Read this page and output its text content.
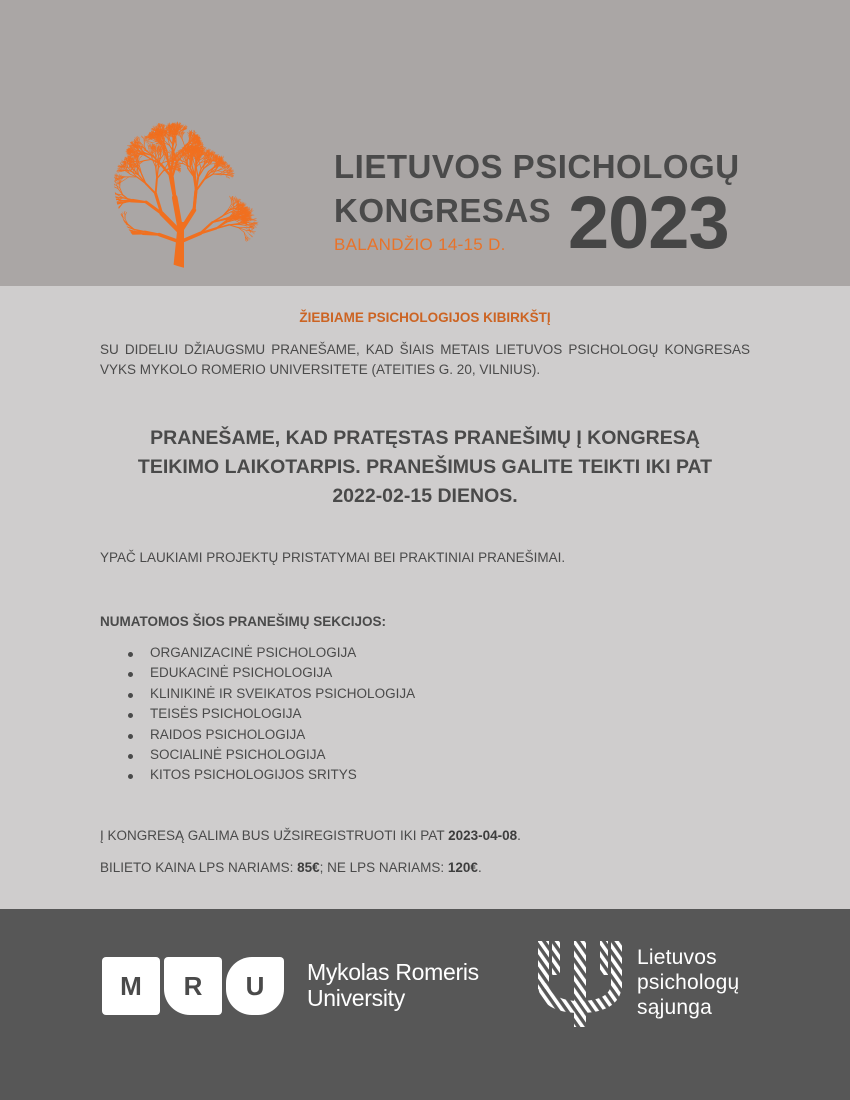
LIETUVOS PSICHOLOGŲ
KONGRESAS
BALANDŽIO 14-15 D. 2023
ŽIEBIAME PSICHOLOGIJOS KIBIRKŠTĮ
SU DIDELIU DŽIAUGSMU PRANEŠAME, KAD ŠIAIS METAIS LIETUVOS PSICHOLOGŲ KONGRESAS VYKS MYKOLO ROMERIO UNIVERSITETE (ATEITIES G. 20, VILNIUS).
PRANEŠAME, KAD PRATĘSTAS PRANEŠIMŲ Į KONGRESĄ
TEIKIMO LAIKOTARPIS. PRANEŠIMUS GALITE TEIKTI IKI PAT
2022-02-15 DIENOS.
YPAČ LAUKIAMI PROJEKTŲ PRISTATYMAI BEI PRAKTINIAI PRANEŠIMAI.
NUMATOMOS ŠIOS PRANEŠIMŲ SEKCIJOS:
ORGANIZACINĖ PSICHOLOGIJA
EDUKACINĖ PSICHOLOGIJA
KLINIKINĖ IR SVEIKATOS PSICHOLOGIJA
TEISĖS PSICHOLOGIJA
RAIDOS PSICHOLOGIJA
SOCIALINĖ PSICHOLOGIJA
KITOS PSICHOLOGIJOS SRITYS
Į KONGRESĄ GALIMA BUS UŽSIREGISTRUOTI IKI PAT 2023-04-08.
BILIETO KAINA LPS NARIAMS: 85€; NE LPS NARIAMS: 120€.
M	R	U	Mykolas Romeris
University
Lietuvos
psichologų
sąjunga
